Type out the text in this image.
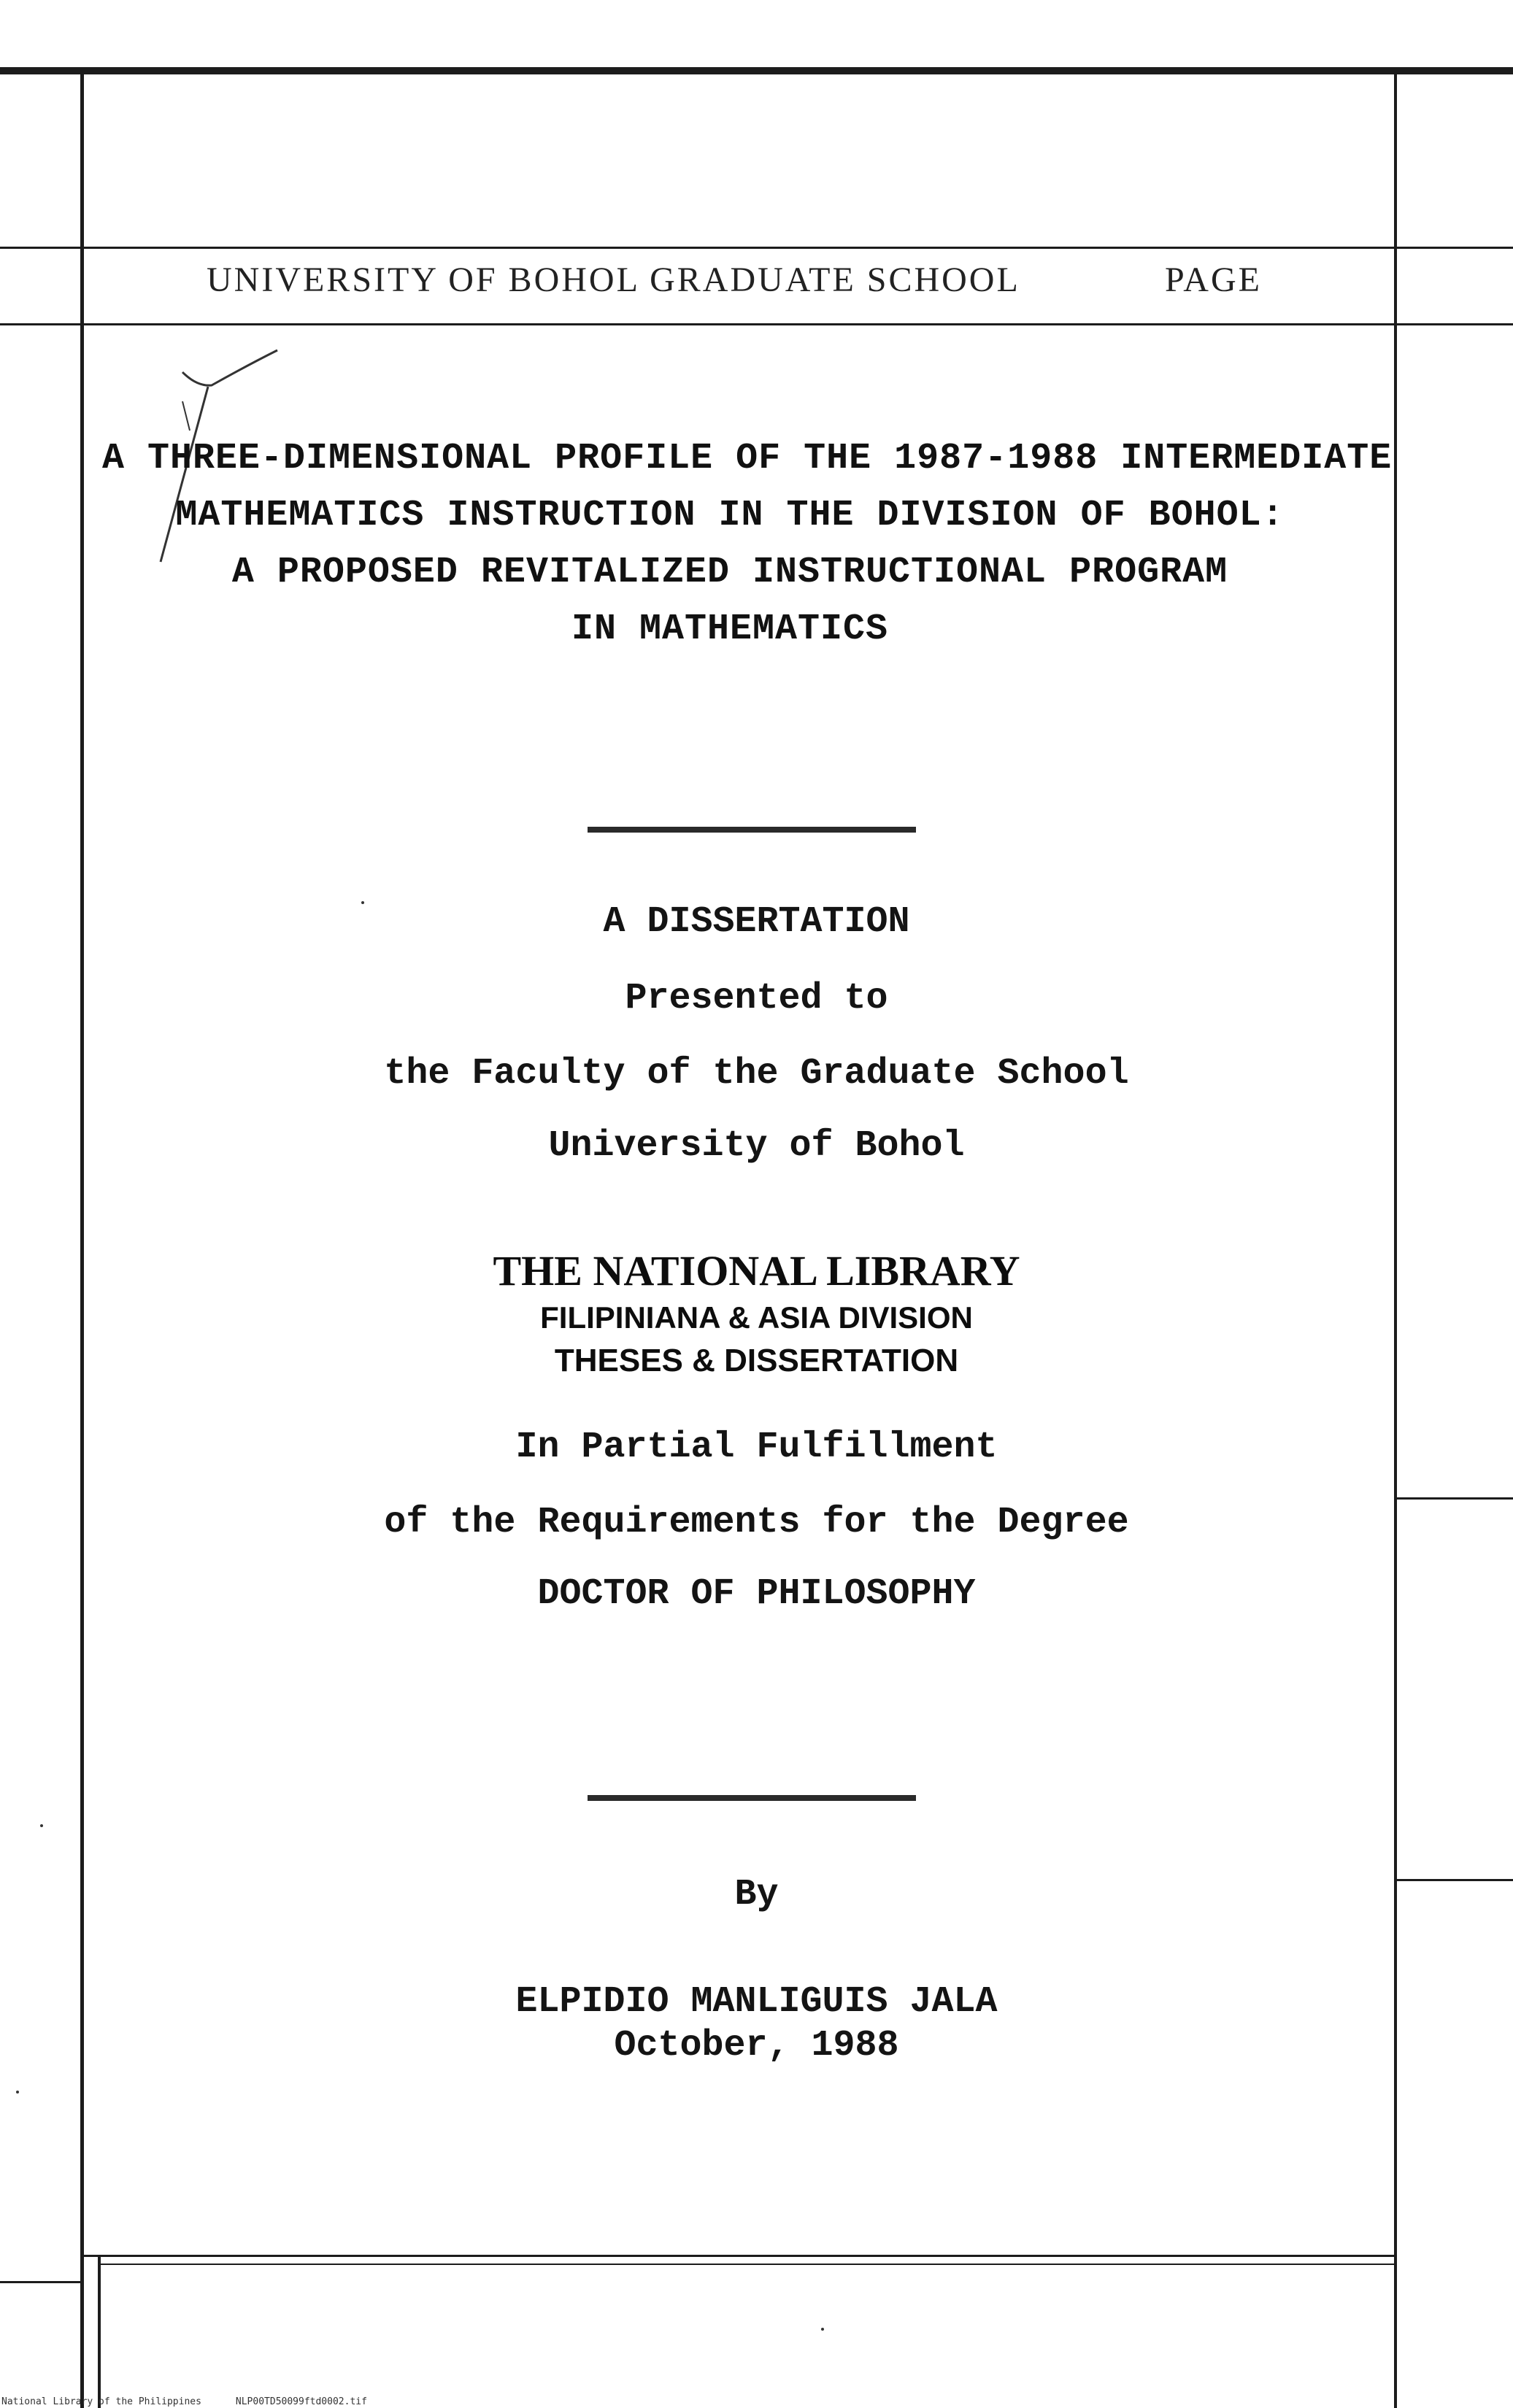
UNIVERSITY OF BOHOL GRADUATE SCHOOL	PAGE
A THREE-DIMENSIONAL PROFILE OF THE 1987-1988 INTERMEDIATE
MATHEMATICS INSTRUCTION IN THE DIVISION OF BOHOL:
A PROPOSED REVITALIZED INSTRUCTIONAL PROGRAM
IN MATHEMATICS
A DISSERTATION
Presented to
the Faculty of the Graduate School
University of Bohol
THE NATIONAL LIBRARY
FILIPINIANA & ASIA DIVISION
THESES & DISSERTATION
In Partial Fulfillment
of the Requirements for the Degree
DOCTOR OF PHILOSOPHY
By
ELPIDIO MANLIGUIS JALA
October, 1988
National Library of the Philippines	NLP00TD50099ftd0002.tif
